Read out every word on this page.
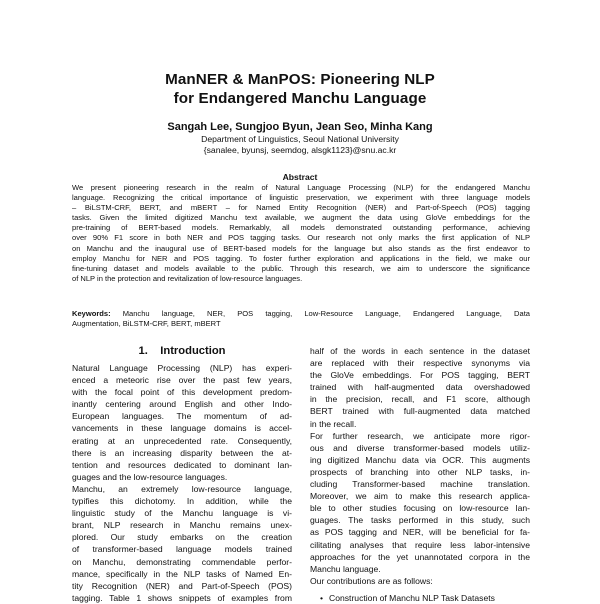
ManNER & ManPOS: Pioneering NLP
for Endangered Manchu Language
Sangah Lee, Sungjoo Byun, Jean Seo, Minha Kang
Department of Linguistics, Seoul National University
{sanalee, byunsj, seemdog, alsgk1123}@snu.ac.kr
Abstract
We present pioneering research in the realm of Natural Language Processing (NLP) for the endangered Manchu
language. Recognizing the critical importance of linguistic preservation, we experiment with three language models
– BiLSTM-CRF, BERT, and mBERT – for Named Entity Recognition (NER) and Part-of-Speech (POS) tagging
tasks. Given the limited digitized Manchu text available, we augment the data using GloVe embeddings for the
pre-training of BERT-based models. Remarkably, all models demonstrated outstanding performance, achieving
over 90% F1 score in both NER and POS tagging tasks. Our research not only marks the first application of NLP
on Manchu and the inaugural use of BERT-based models for the language but also stands as the first endeavor to
employ Manchu for NER and POS tagging. To foster further exploration and applications in the field, we make our
fine-tuning dataset and models available to the public. Through this research, we aim to underscore the significance
of NLP in the protection and revitalization of low-resource languages.
Keywords: Manchu language, NER, POS tagging, Low-Resource Language, Endangered Language, Data
Augmentation, BiLSTM-CRF, BERT, mBERT
1. Introduction
Natural Language Processing (NLP) has experi-
enced a meteoric rise over the past few years,
with the focal point of this development predom-
inantly centering around English and other Indo-
European languages. The momentum of ad-
vancements in these language domains is accel-
erating at an unprecedented rate. Consequently,
there is an increasing disparity between the at-
tention and resources dedicated to dominant lan-
guages and the low-resource languages.
Manchu, an extremely low-resource language,
typifies this dichotomy. In addition, while the
linguistic study of the Manchu language is vi-
brant, NLP research in Manchu remains unex-
plored. Our study embarks on the creation
of transformer-based language models trained
on Manchu, demonstrating commendable perfor-
mance, specifically in the NLP tasks of Named En-
tity Recognition (NER) and Part-of-Speech (POS)
tagging. Table 1 shows snippets of examples from
half of the words in each sentence in the dataset
are replaced with their respective synonyms via
the GloVe embeddings. For POS tagging, BERT
trained with half-augmented data overshadowed
in the precision, recall, and F1 score, although
BERT trained with full-augmented data matched
in the recall.
For further research, we anticipate more rigor-
ous and diverse transformer-based models utiliz-
ing digitized Manchu data via OCR. This augments
prospects of branching into other NLP tasks, in-
cluding Transformer-based machine translation.
Moreover, we aim to make this research applica-
ble to other studies focusing on low-resource lan-
guages. The tasks performed in this study, such
as POS tagging and NER, will be beneficial for fa-
cilitating analyses that require less labor-intensive
approaches for the yet unannotated corpora in the
Manchu language.
Our contributions are as follows:
• Construction of Manchu NLP Task Datasets
